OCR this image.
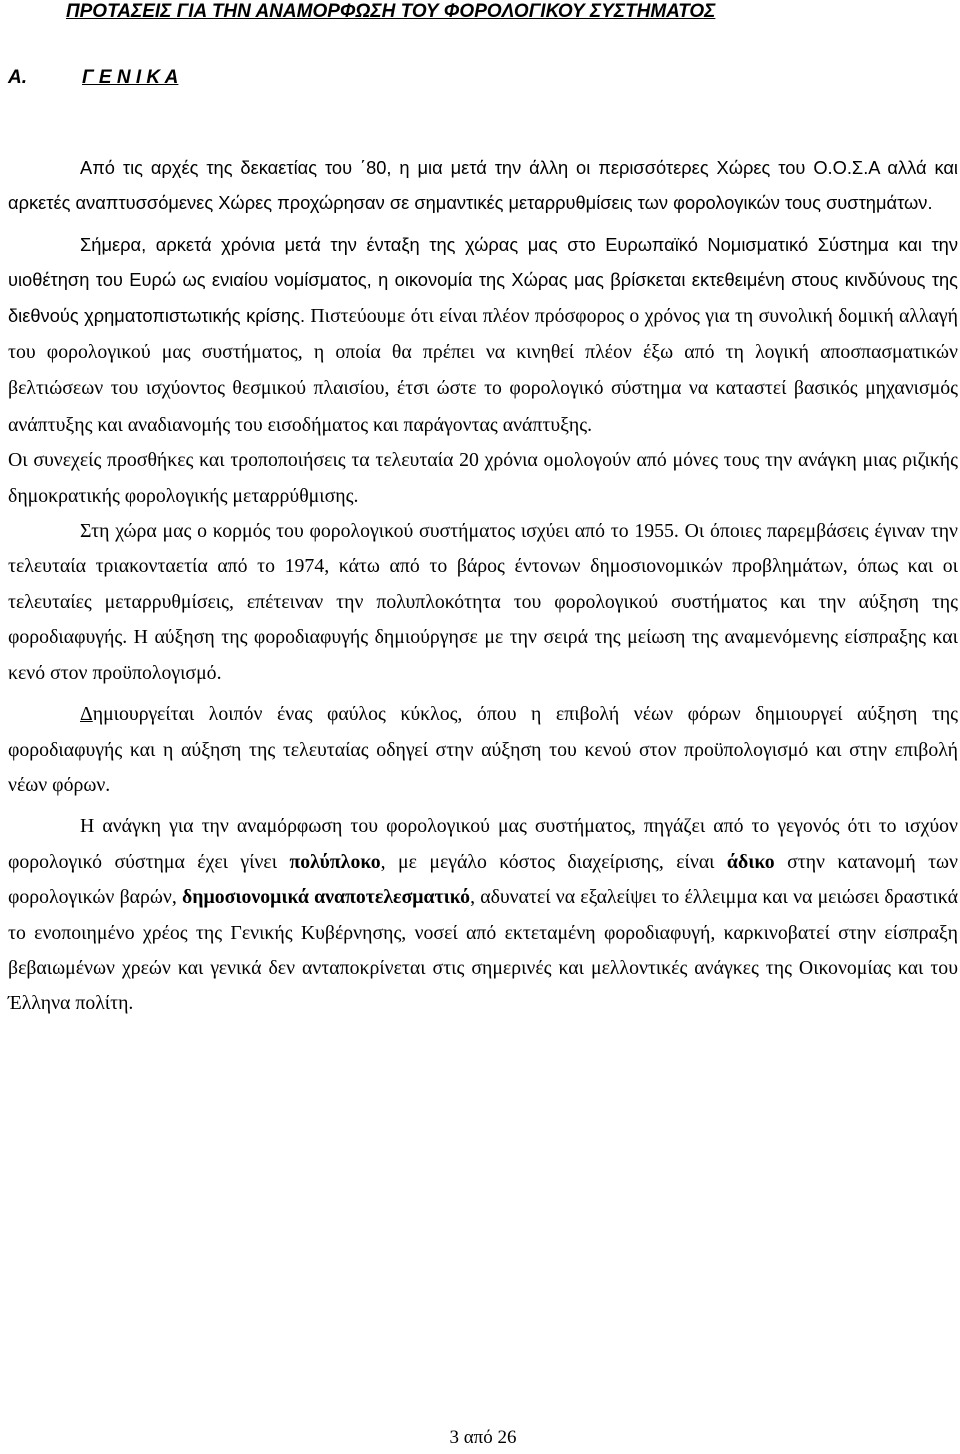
ΠΡΟΤΑΣΕΙΣ ΓΙΑ ΤΗΝ ΑΝΑΜΟΡΦΩΣΗ ΤΟΥ ΦΟΡΟΛΟΓΙΚΟΥ ΣΥΣΤΗΜΑΤΟΣ
Α.	Γ Ε Ν Ι Κ Α

Από τις αρχές της δεκαετίας του ΄80, η μια μετά την άλλη οι περισσότερες Χώρες του Ο.Ο.Σ.Α αλλά και αρκετές αναπτυσσόμενες Χώρες προχώρησαν σε σημαντικές μεταρρυθμίσεις των φορολογικών τους συστημάτων.

Σήμερα, αρκετά χρόνια μετά την ένταξη της χώρας μας στο Ευρωπαϊκό Νομισματικό Σύστημα και την υιοθέτηση του Ευρώ ως ενιαίου νομίσματος, η οικονομία της Χώρας μας βρίσκεται εκτεθειμένη στους κινδύνους της διεθνούς χρηματοπιστωτικής κρίσης. Πιστεύουμε ότι είναι πλέον πρόσφορος ο χρόνος για τη συνολική δομική αλλαγή του φορολογικού μας συστήματος, η οποία θα πρέπει να κινηθεί πλέον έξω από τη λογική αποσπασματικών βελτιώσεων του ισχύοντος θεσμικού πλαισίου, έτσι ώστε το φορολογικό σύστημα να καταστεί βασικός μηχανισμός ανάπτυξης και αναδιανομής του εισοδήματος και παράγοντας ανάπτυξης.

Οι συνεχείς προσθήκες και τροποποιήσεις τα τελευταία 20 χρόνια ομολογούν από μόνες τους την ανάγκη μιας ριζικής δημοκρατικής φορολογικής μεταρρύθμισης.

Στη χώρα μας ο κορμός του φορολογικού συστήματος ισχύει από το 1955. Οι όποιες παρεμβάσεις έγιναν την τελευταία τριακονταετία από το 1974, κάτω από το βάρος έντονων δημοσιονομικών προβλημάτων, όπως και οι τελευταίες μεταρρυθμίσεις, επέτειναν την πολυπλοκότητα του φορολογικού συστήματος και την αύξηση της φοροδιαφυγής. Η αύξηση της φοροδιαφυγής δημιούργησε με την σειρά της μείωση της αναμενόμενης είσπραξης και κενό στον προϋπολογισμό.

Δημιουργείται λοιπόν ένας φαύλος κύκλος, όπου η επιβολή νέων φόρων δημιουργεί αύξηση της φοροδιαφυγής και η αύξηση της τελευταίας οδηγεί στην αύξηση του κενού στον προϋπολογισμό και στην επιβολή νέων φόρων.

Η ανάγκη για την αναμόρφωση του φορολογικού μας συστήματος, πηγάζει από το γεγονός ότι το ισχύον φορολογικό σύστημα έχει γίνει πολύπλοκο, με μεγάλο κόστος διαχείρισης, είναι άδικο στην κατανομή των φορολογικών βαρών, δημοσιονομικά αναποτελεσματικό, αδυνατεί να εξαλείψει το έλλειμμα και να μειώσει δραστικά το ενοποιημένο χρέος της Γενικής Κυβέρνησης, νοσεί από εκτεταμένη φοροδιαφυγή, καρκινοβατεί στην είσπραξη βεβαιωμένων χρεών και γενικά δεν ανταποκρίνεται στις σημερινές και μελλοντικές ανάγκες της Οικονομίας και του Έλληνα πολίτη.

3 από 26
